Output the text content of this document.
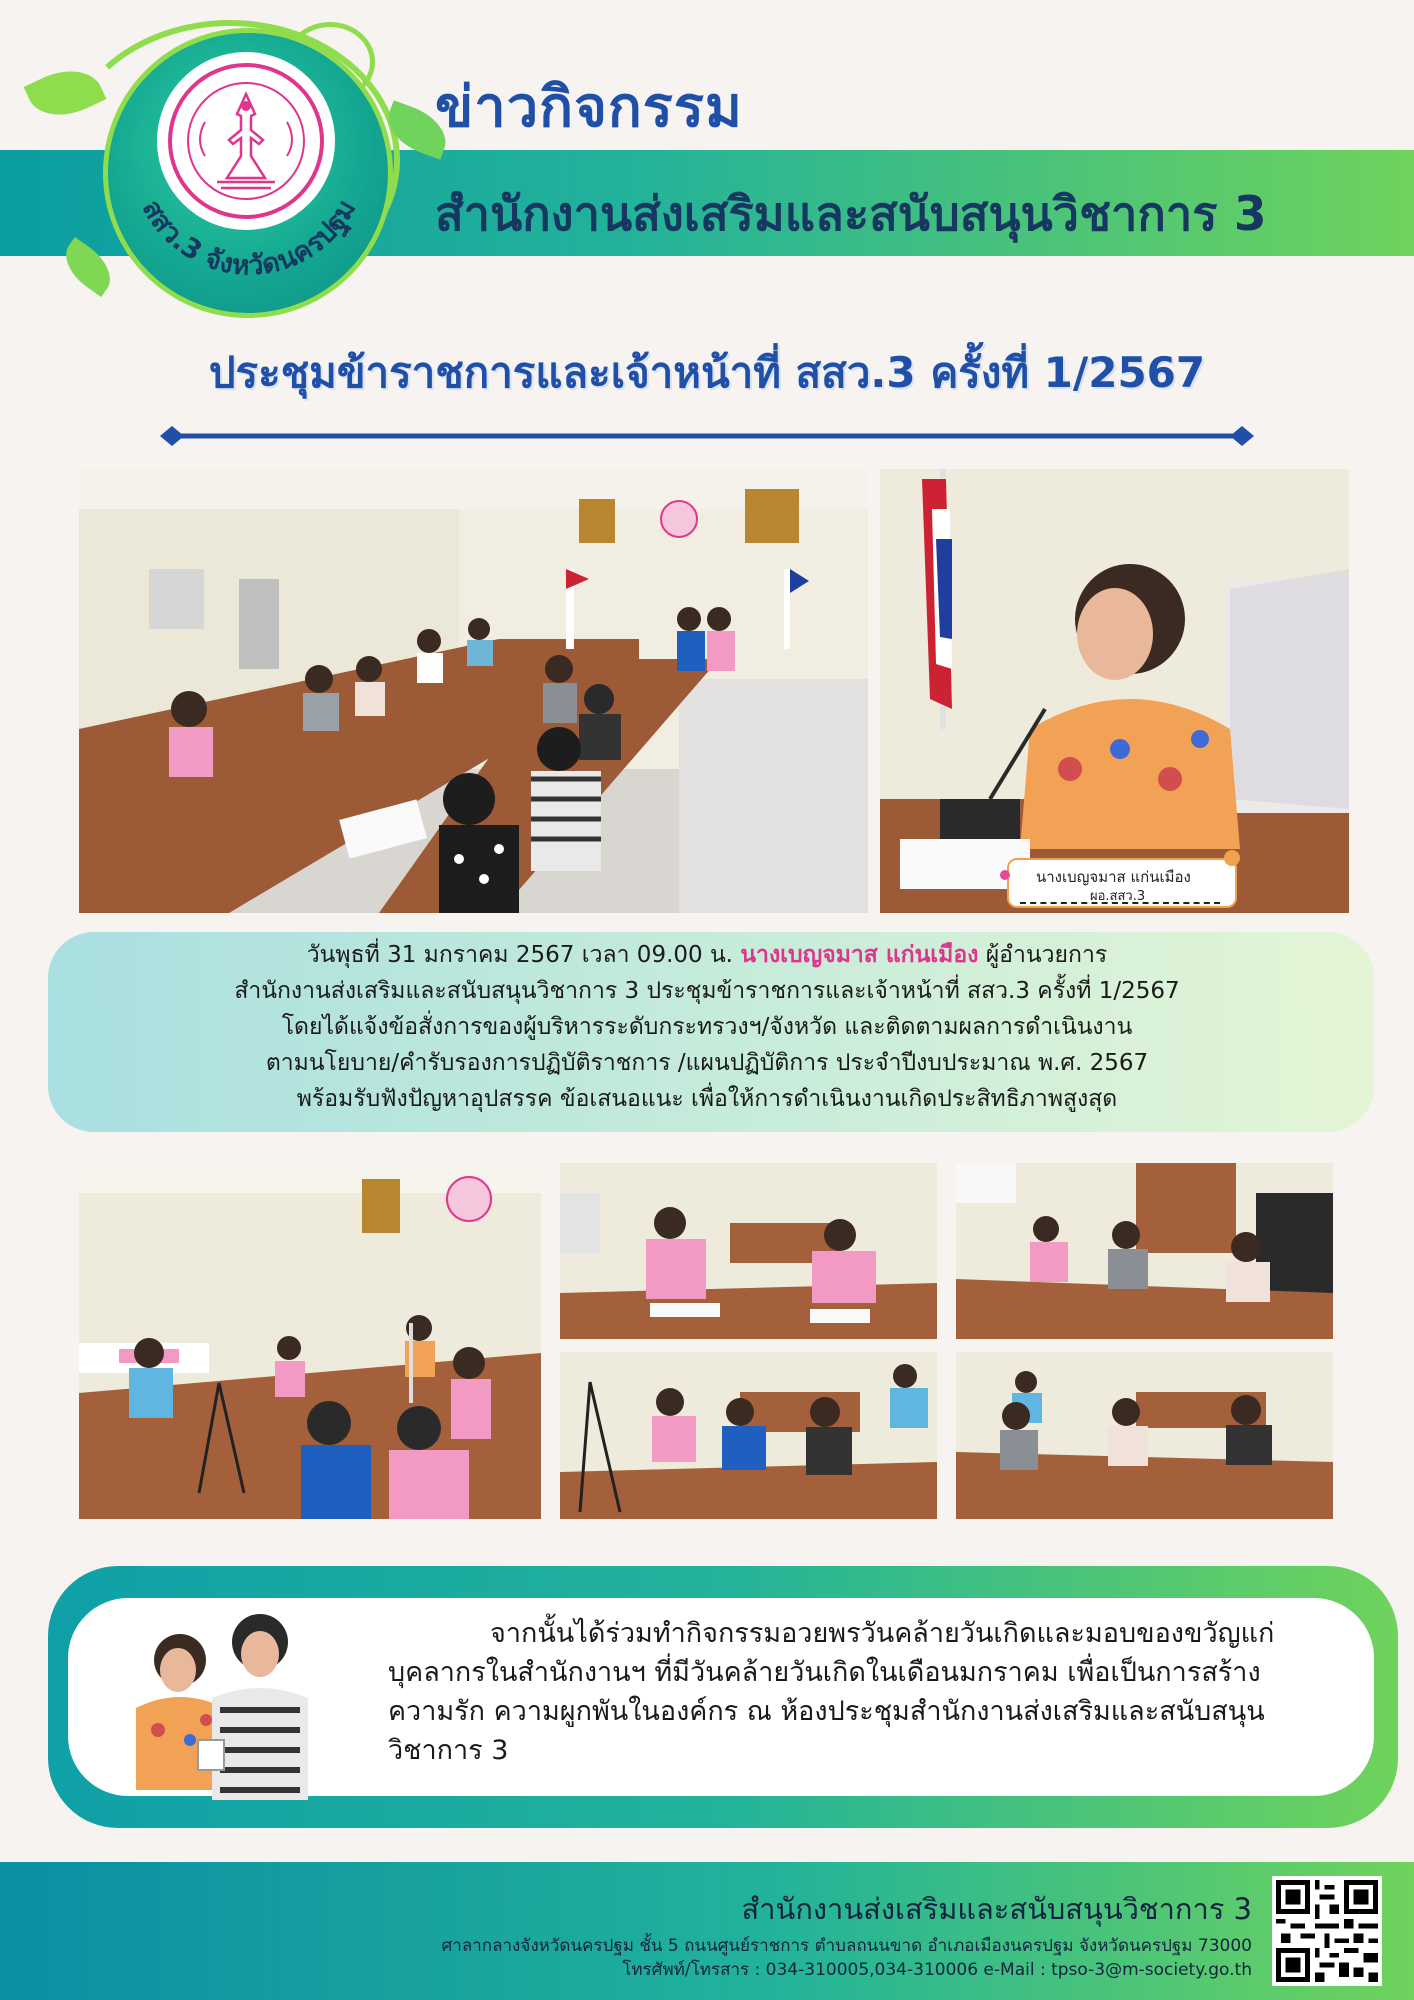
สสว.3 จังหวัดนครปฐม
ข่าวกิจกรรม
สำนักงานส่งเสริมและสนับสนุนวิชาการ 3
ประชุมข้าราชการและเจ้าหน้าที่ สสว.3 ครั้งที่ 1/2567
นางเบญจมาส แก่นเมือง
ผอ.สสว.3
วันพุธที่ 31 มกราคม 2567 เวลา 09.00 น. นางเบญจมาส แก่นเมือง ผู้อำนวยการ
สำนักงานส่งเสริมและสนับสนุนวิชาการ 3 ประชุมข้าราชการและเจ้าหน้าที่ สสว.3 ครั้งที่ 1/2567
โดยได้แจ้งข้อสั่งการของผู้บริหารระดับกระทรวงฯ/จังหวัด และติดตามผลการดำเนินงาน
ตามนโยบาย/คำรับรองการปฏิบัติราชการ /แผนปฏิบัติการ ประจำปีงบประมาณ พ.ศ. 2567
พร้อมรับฟังปัญหาอุปสรรค ข้อเสนอแนะ เพื่อให้การดำเนินงานเกิดประสิทธิภาพสูงสุด
จากนั้นได้ร่วมทำกิจกรรมอวยพรวันคล้ายวันเกิดและมอบของขวัญแก่บุคลากรในสำนักงานฯ ที่มีวันคล้ายวันเกิดในเดือนมกราคม เพื่อเป็นการสร้างความรัก ความผูกพันในองค์กร ณ ห้องประชุมสำนักงานส่งเสริมและสนับสนุนวิชาการ 3
สำนักงานส่งเสริมและสนับสนุนวิชาการ 3
ศาลากลางจังหวัดนครปฐม ชั้น 5 ถนนศูนย์ราชการ ตำบลถนนขาด อำเภอเมืองนครปฐม จังหวัดนครปฐม 73000
โทรศัพท์/โทรสาร : 034-310005,034-310006 e-Mail : tpso-3@m-society.go.th
